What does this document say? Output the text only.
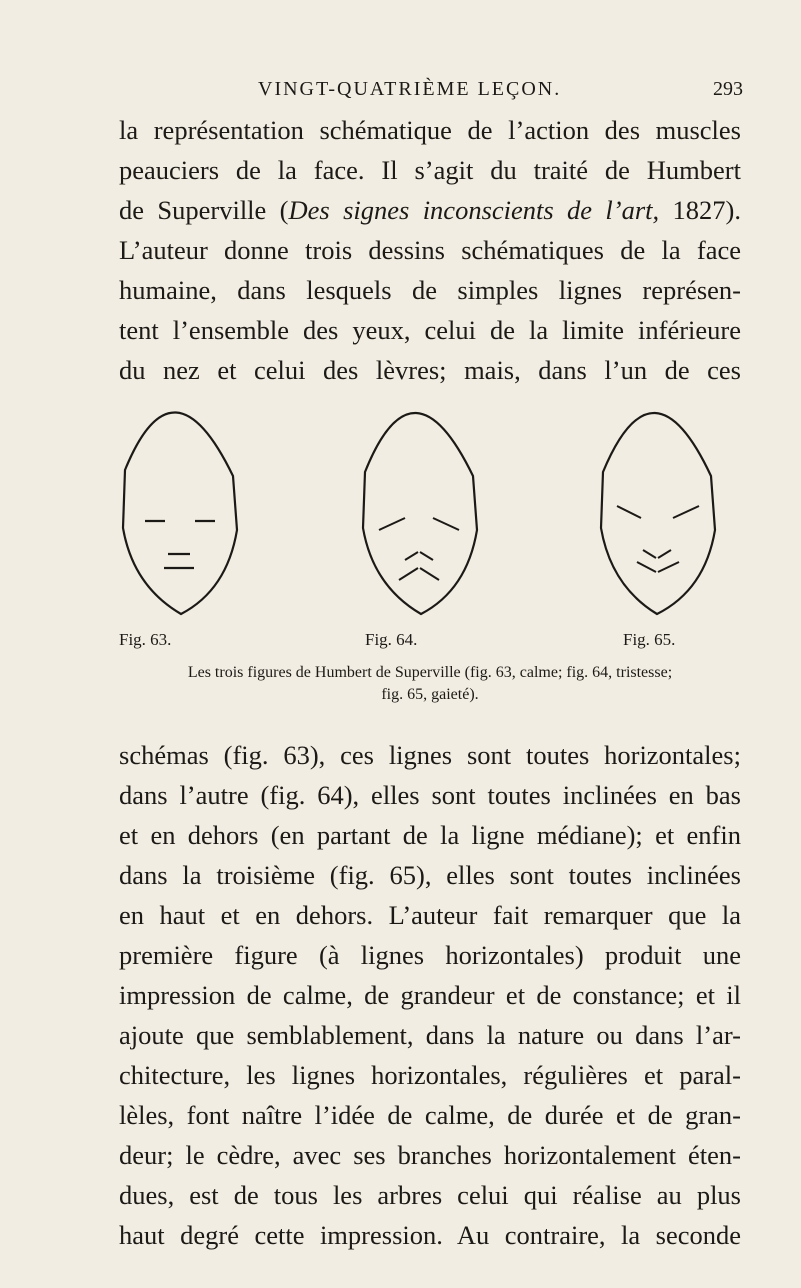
VINGT-QUATRIÈME LEÇON.	293
la représentation schématique de l’action des muscles
peauciers de la face. Il s’agit du traité de Humbert
de Superville (Des signes inconscients de l’art, 1827).
L’auteur donne trois dessins schématiques de la face
humaine, dans lesquels de simples lignes représen-
tent l’ensemble des yeux, celui de la limite inférieure
du nez et celui des lèvres; mais, dans l’un de ces
Fig. 63.	Fig. 64.	Fig. 65.
Les trois figures de Humbert de Superville (fig. 63, calme; fig. 64, tristesse;
fig. 65, gaieté).
schémas (fig. 63), ces lignes sont toutes horizontales;
dans l’autre (fig. 64), elles sont toutes inclinées en bas
et en dehors (en partant de la ligne médiane); et enfin
dans la troisième (fig. 65), elles sont toutes inclinées
en haut et en dehors. L’auteur fait remarquer que la
première figure (à lignes horizontales) produit une
impression de calme, de grandeur et de constance; et il
ajoute que semblablement, dans la nature ou dans l’ar-
chitecture, les lignes horizontales, régulières et paral-
lèles, font naître l’idée de calme, de durée et de gran-
deur; le cèdre, avec ses branches horizontalement éten-
dues, est de tous les arbres celui qui réalise au plus
haut degré cette impression. Au contraire, la seconde
